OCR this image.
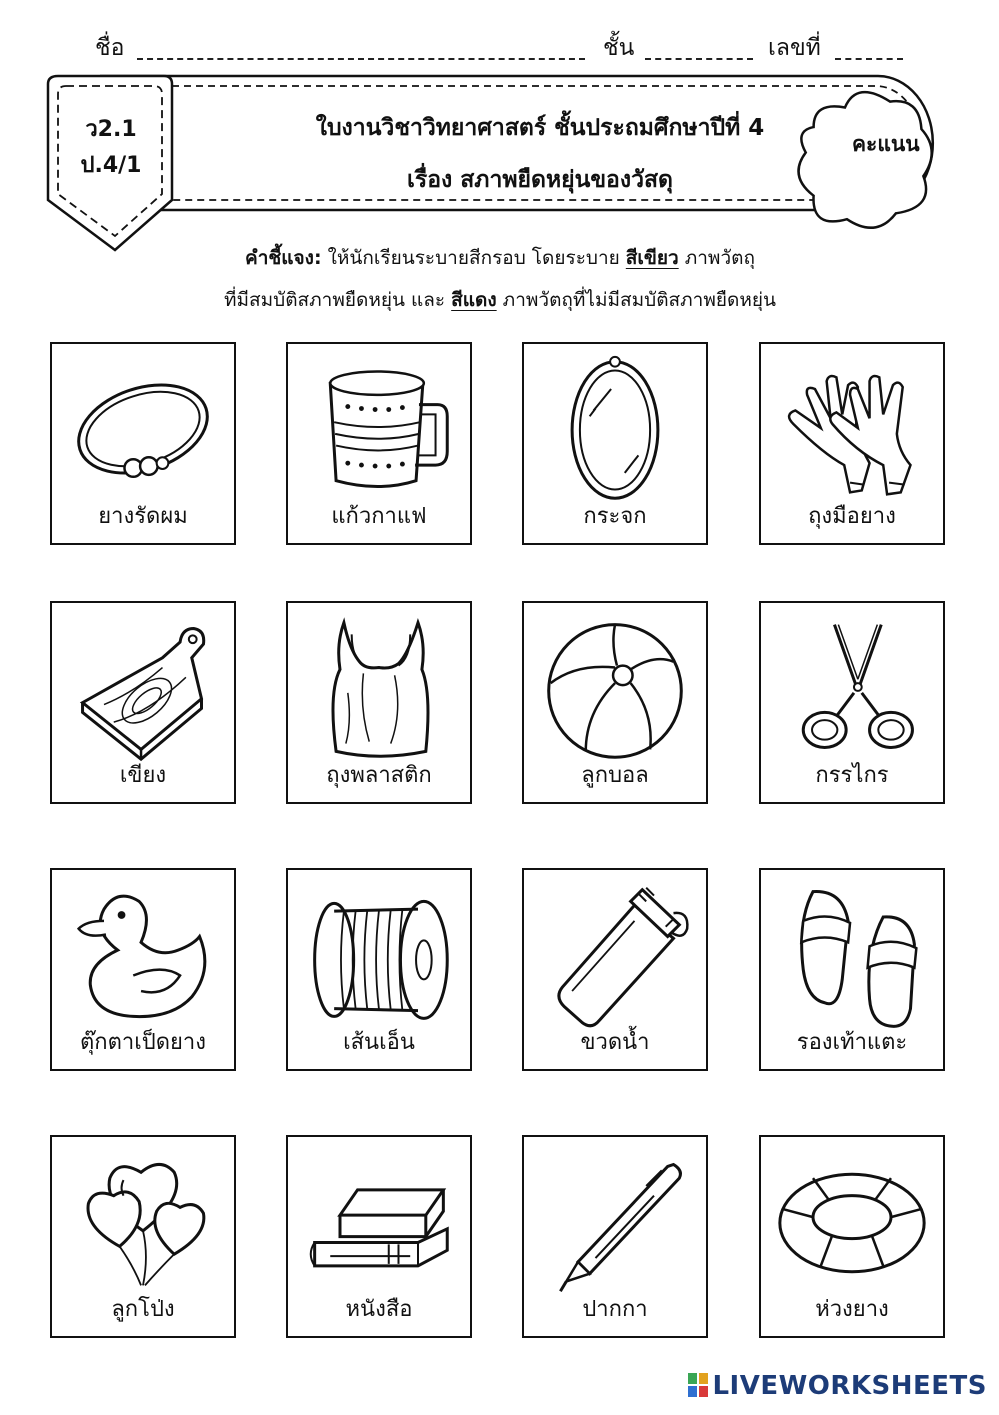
ชื่อ	ชั้น	เลขที่
ว2.1
ป.4/1
ใบงานวิชาวิทยาศาสตร์ ชั้นประถมศึกษาปีที่ 4
เรื่อง สภาพยืดหยุ่นของวัสดุ
คะแนน
คำชี้แจง: ให้นักเรียนระบายสีกรอบ โดยระบาย สีเขียว ภาพวัตถุ
ที่มีสมบัติสภาพยืดหยุ่น และ สีแดง ภาพวัตถุที่ไม่มีสมบัติสภาพยืดหยุ่น
ยางรัดผม	แก้วกาแฟ	กระจก	ถุงมือยาง
เขียง	ถุงพลาสติก	ลูกบอล	กรรไกร
ตุ๊กตาเป็ดยาง	เส้นเอ็น	ขวดน้ำ	รองเท้าแตะ
ลูกโป่ง	หนังสือ	ปากกา	ห่วงยาง
LIVEWORKSHEETS
